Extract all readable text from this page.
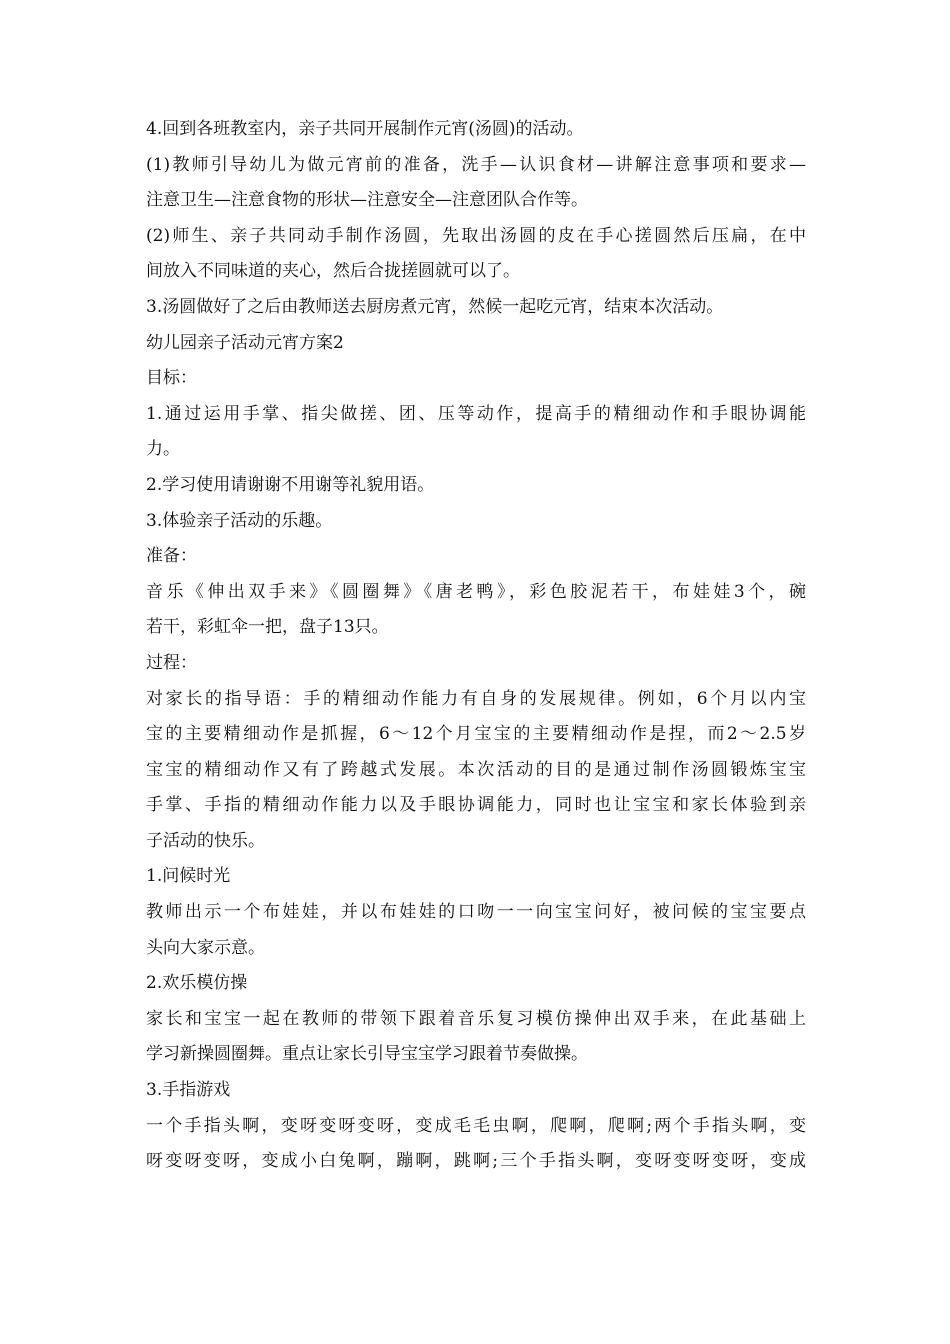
4.回到各班教室内，亲子共同开展制作元宵(汤圆)的活动。
(1)教师引导幼儿为做元宵前的准备，洗手—认识食材—讲解注意事项和要求—
注意卫生—注意食物的形状—注意安全—注意团队合作等。
(2)师生、亲子共同动手制作汤圆，先取出汤圆的皮在手心搓圆然后压扁，在中
间放入不同味道的夹心，然后合拢搓圆就可以了。
3.汤圆做好了之后由教师送去厨房煮元宵，然候一起吃元宵，结束本次活动。
幼儿园亲子活动元宵方案2
目标：
1.通过运用手掌、指尖做搓、团、压等动作，提高手的精细动作和手眼协调能
力。
2.学习使用请谢谢不用谢等礼貌用语。
3.体验亲子活动的乐趣。
准备：
音乐《伸出双手来》《圆圈舞》《唐老鸭》，彩色胶泥若干，布娃娃3个，碗
若干，彩虹伞一把，盘子13只。
过程：
对家长的指导语：手的精细动作能力有自身的发展规律。例如，6个月以内宝
宝的主要精细动作是抓握，6～12个月宝宝的主要精细动作是捏，而2～2.5岁
宝宝的精细动作又有了跨越式发展。本次活动的目的是通过制作汤圆锻炼宝宝
手掌、手指的精细动作能力以及手眼协调能力，同时也让宝宝和家长体验到亲
子活动的快乐。
1.问候时光
教师出示一个布娃娃，并以布娃娃的口吻一一向宝宝问好，被问候的宝宝要点
头向大家示意。
2.欢乐模仿操
家长和宝宝一起在教师的带领下跟着音乐复习模仿操伸出双手来，在此基础上
学习新操圆圈舞。重点让家长引导宝宝学习跟着节奏做操。
3.手指游戏
一个手指头啊，变呀变呀变呀，变成毛毛虫啊，爬啊，爬啊;两个手指头啊，变
呀变呀变呀，变成小白兔啊，蹦啊，跳啊;三个手指头啊，变呀变呀变呀，变成
